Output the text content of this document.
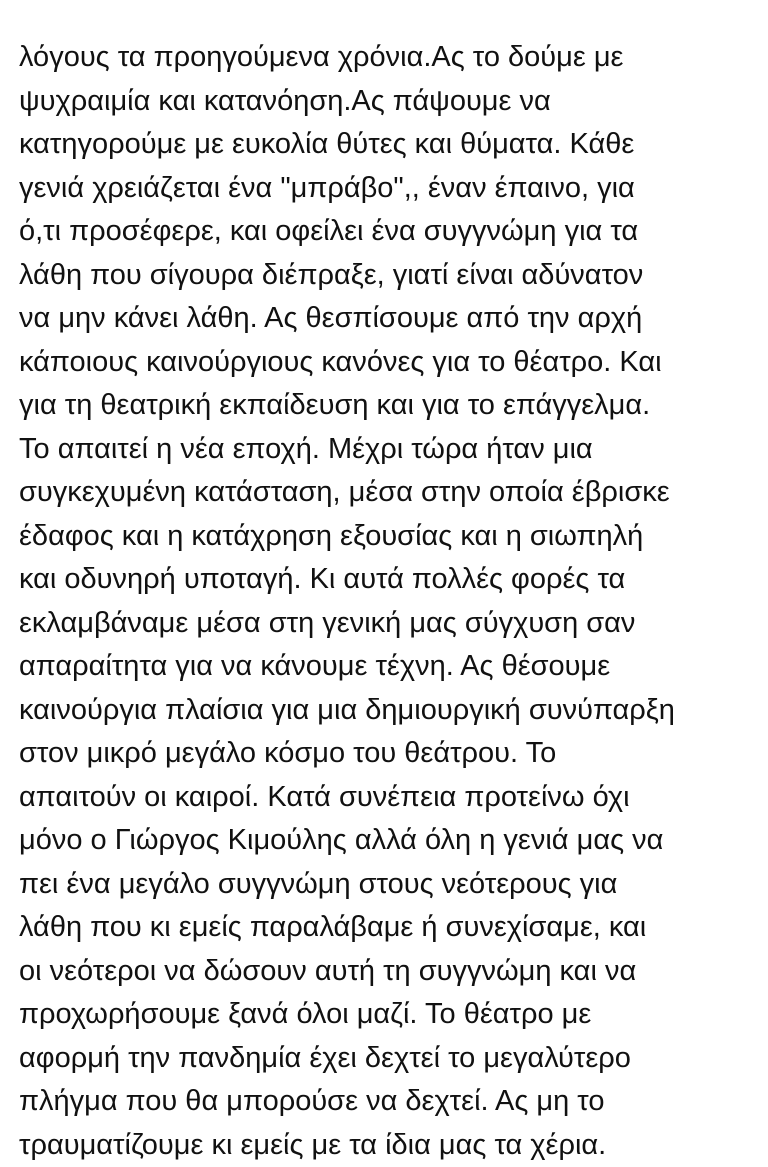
λόγους τα προηγούμενα χρόνια.Ας το δούμε με
ψυχραιμία και κατανόηση.Ας πάψουμε να
κατηγορούμε με ευκολία θύτες και θύματα. Κάθε
γενιά χρειάζεται ένα "μπράβο",, έναν έπαινο, για
ό,τι προσέφερε, και οφείλει ένα συγγνώμη για τα
λάθη που σίγουρα διέπραξε, γιατί είναι αδύνατον
να μην κάνει λάθη. Ας θεσπίσουμε από την αρχή
κάποιους καινούργιους κανόνες για το θέατρο. Και
για τη θεατρική εκπαίδευση και για το επάγγελμα.
Το απαιτεί η νέα εποχή. Μέχρι τώρα ήταν μια
συγκεχυμένη κατάσταση, μέσα στην οποία έβρισκε
έδαφος και η κατάχρηση εξουσίας και η σιωπηλή
και οδυνηρή υποταγή. Κι αυτά πολλές φορές τα
εκλαμβάναμε μέσα στη γενική μας σύγχυση σαν
απαραίτητα για να κάνουμε τέχνη. Ας θέσουμε
καινούργια πλαίσια για μια δημιουργική συνύπαρξη
στον μικρό μεγάλο κόσμο του θεάτρου. Το
απαιτούν οι καιροί. Κατά συνέπεια προτείνω όχι
μόνο ο Γιώργος Κιμούλης αλλά όλη η γενιά μας να
πει ένα μεγάλο συγγνώμη στους νεότερους για
λάθη που κι εμείς παραλάβαμε ή συνεχίσαμε, και
οι νεότεροι να δώσουν αυτή τη συγγνώμη και να
προχωρήσουμε ξανά όλοι μαζί. Το θέατρο με
αφορμή την πανδημία έχει δεχτεί το μεγαλύτερο
πλήγμα που θα μπορούσε να δεχτεί. Ας μη το
τραυματίζουμε κι εμείς με τα ίδια μας τα χέρια.
